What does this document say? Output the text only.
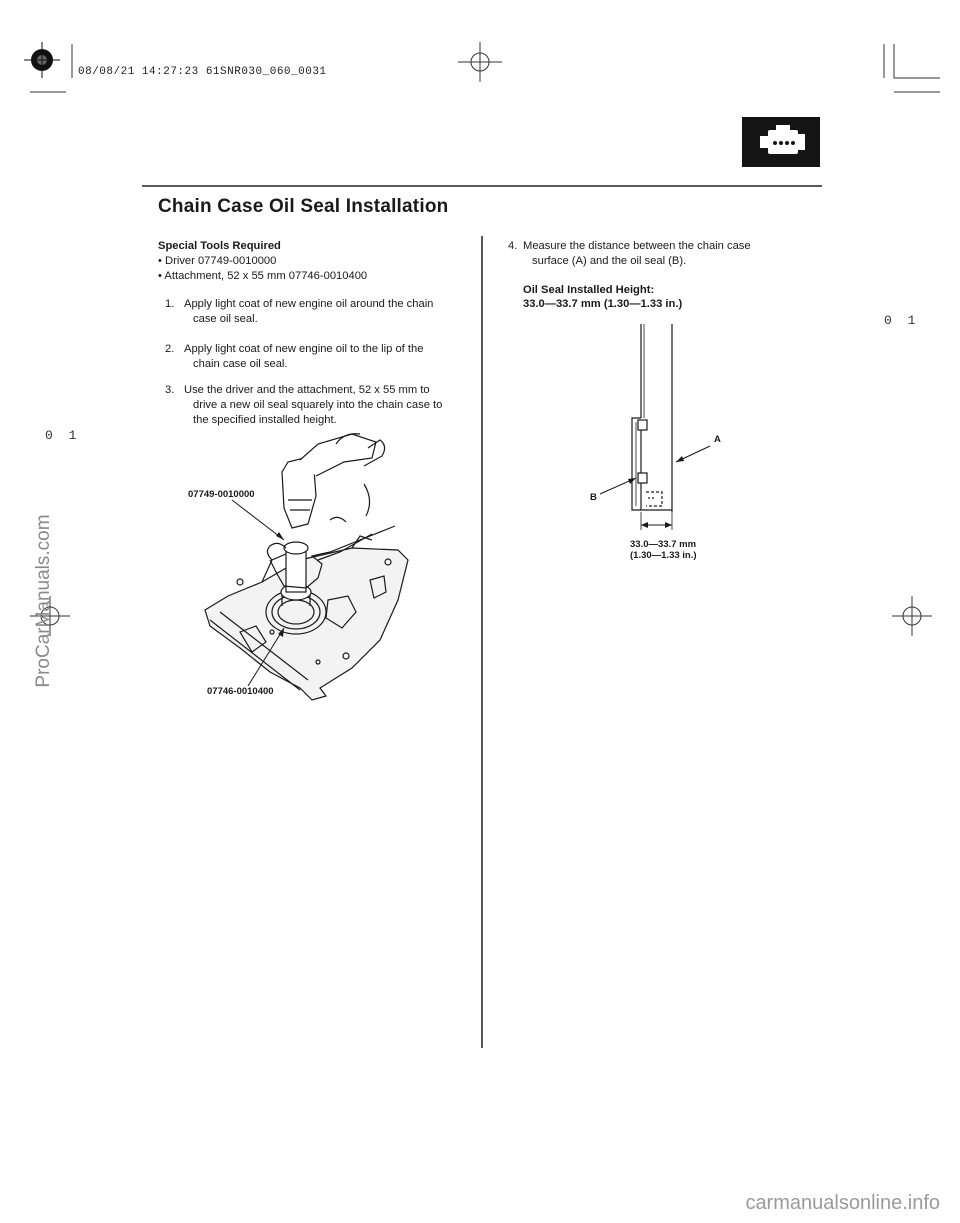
08/08/21 14:27:23 61SNR030_060_0031
Chain Case Oil Seal Installation
Special Tools Required
• Driver 07749-0010000
• Attachment, 52 x 55 mm 07746-0010400
1. Apply light coat of new engine oil around the chain
case oil seal.
2. Apply light coat of new engine oil to the lip of the
chain case oil seal.
3. Use the driver and the attachment, 52 x 55 mm to
drive a new oil seal squarely into the chain case to
the specified installed height.
07749-0010000
07746-0010400
4. Measure the distance between the chain case
surface (A) and the oil seal (B).
Oil Seal Installed Height:
33.0—33.7 mm (1.30—1.33 in.)
A
B
33.0—33.7 mm
(1.30—1.33 in.)
0 1
0 1
ProCarManuals.com
carmanualsonline.info
